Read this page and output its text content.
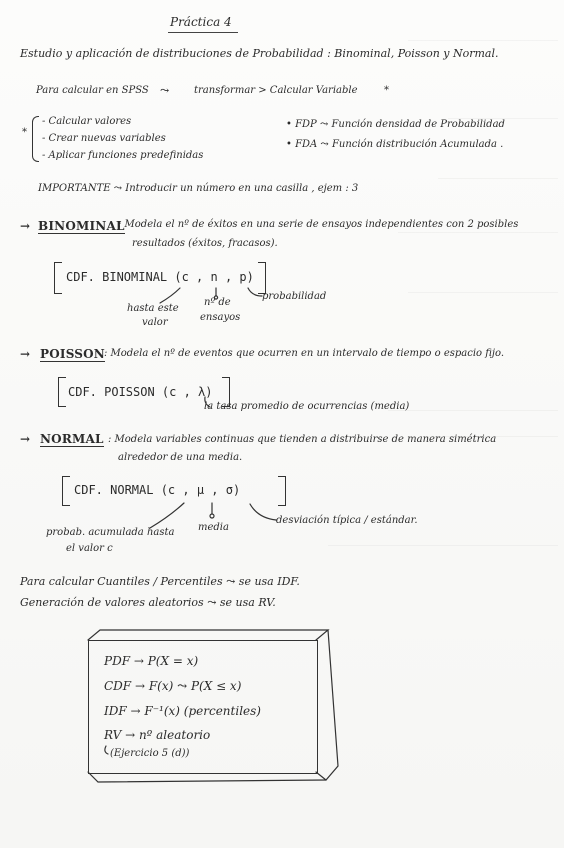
Práctica 4
Estudio y aplicación de distribuciones de Probabilidad : Binominal, Poisson y Normal.
Para calcular en SPSS ⤳ transformar > Calcular Variable	*
*
- Calcular valores
- Crear nuevas variables
- Aplicar funciones predefinidas
• FDP ⤳ Función densidad de Probabilidad
• FDA ⤳ Función distribución Acumulada .
IMPORTANTE ⤳ Introducir un número en una casilla , ejem : 3
→ BINOMINAL
: Modela el nº de éxitos en una serie de ensayos independientes con 2 posibles
resultados (éxitos, fracasos).
CDF. BINOMINAL (c , n , p)
hasta este
valor
nº de
ensayos
probabilidad
→ POISSON : Modela el nº de eventos que ocurren en un intervalo de tiempo o espacio fijo.
CDF. POISSON (c , λ)
la tasa promedio de ocurrencias (media)
→ NORMAL : Modela variables continuas que tienden a distribuirse de manera simétrica
alrededor de una media.
CDF. NORMAL (c , μ , σ)
probab. acumulada hasta
el valor c
media
desviación típica / estándar.
Para calcular Cuantiles / Percentiles ⤳ se usa IDF.
Generación de valores aleatorios ⤳ se usa RV.
PDF → P(X = x)
CDF → F(x) ⤳ P(X ≤ x)
IDF → F⁻¹(x) (percentiles)
RV → nº aleatorio
(Ejercicio 5 (d))
